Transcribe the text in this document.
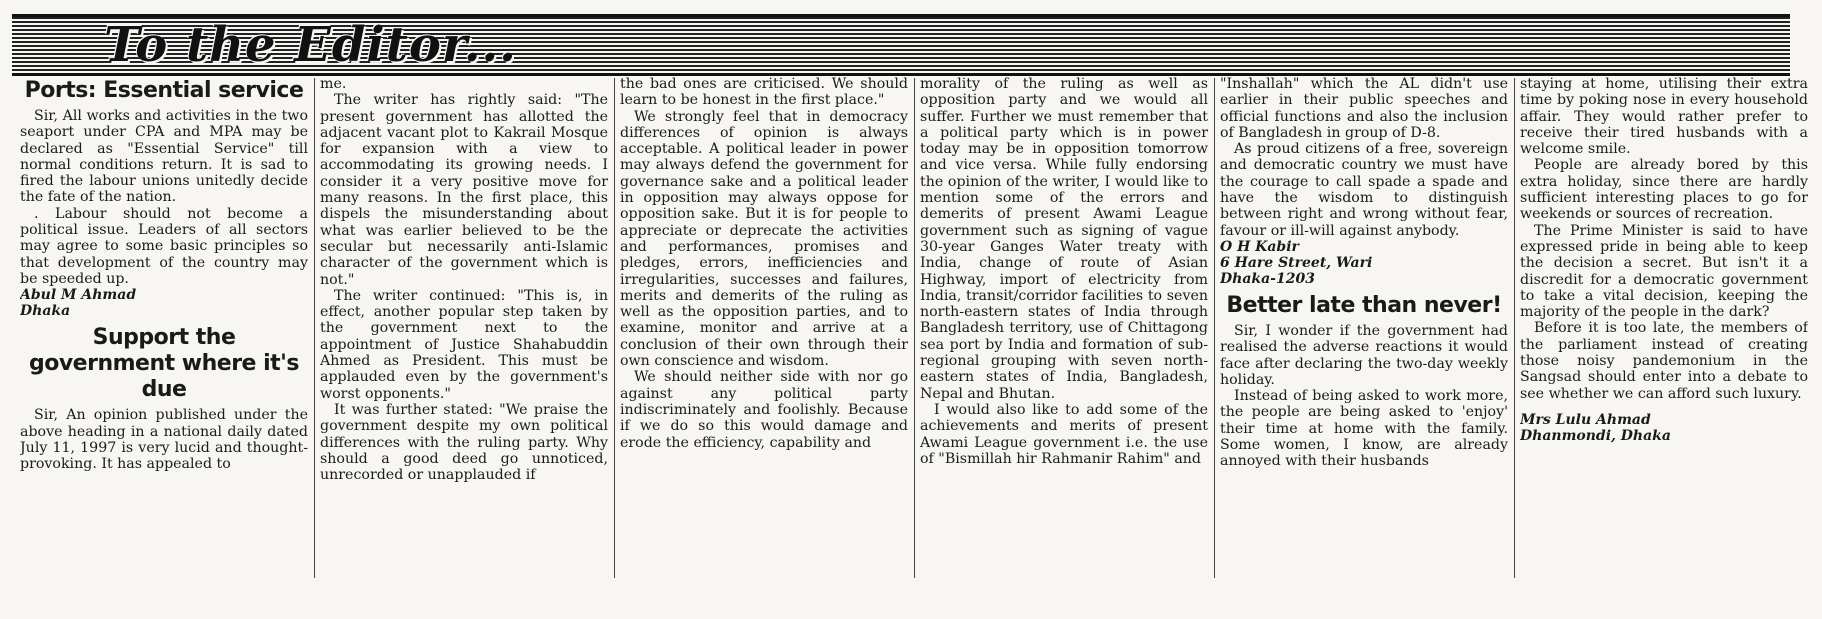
To the Editor...
Ports: Essential service

Sir, All works and activities in the two seaport under CPA and MPA may be declared as "Essential Service" till normal conditions return. It is sad to fired the labour unions unitedly decide the fate of the nation.

. Labour should not become a political issue. Leaders of all sectors may agree to some basic principles so that development of the country may be speeded up.

Abul M Ahmad
Dhaka
Support the government where it's due

Sir, An opinion published under the above heading in a national daily dated July 11, 1997 is very lucid and thought-provoking. It has appealed to

me.

The writer has rightly said: "The present government has allotted the adjacent vacant plot to Kakrail Mosque for expansion with a view to accommodating its growing needs. I consider it a very positive move for many reasons. In the first place, this dispels the misunderstanding about what was earlier believed to be the secular but necessarily anti-Islamic character of the government which is not."

The writer continued: "This is, in effect, another popular step taken by the government next to the appointment of Justice Shahabuddin Ahmed as President. This must be applauded even by the government's worst opponents."

It was further stated: "We praise the government despite my own political differences with the ruling party. Why should a good deed go unnoticed, unrecorded or unapplauded if

the bad ones are criticised. We should learn to be honest in the first place."

We strongly feel that in democracy differences of opinion is always acceptable. A political leader in power may always defend the government for governance sake and a political leader in opposition may always oppose for opposition sake. But it is for people to appreciate or deprecate the activities and performances, promises and pledges, errors, inefficiencies and irregularities, successes and failures, merits and demerits of the ruling as well as the opposition parties, and to examine, monitor and arrive at a conclusion of their own through their own conscience and wisdom.

We should neither side with nor go against any political party indiscriminately and foolishly. Because if we do so this would damage and erode the efficiency, capability and

morality of the ruling as well as opposition party and we would all suffer. Further we must remember that a political party which is in power today may be in opposition tomorrow and vice versa. While fully endorsing the opinion of the writer, I would like to mention some of the errors and demerits of present Awami League government such as signing of vague 30-year Ganges Water treaty with India, change of route of Asian Highway, import of electricity from India, transit/corridor facilities to seven north-eastern states of India through Bangladesh territory, use of Chittagong sea port by India and formation of sub-regional grouping with seven north-eastern states of India, Bangladesh, Nepal and Bhutan.

I would also like to add some of the achievements and merits of present Awami League government i.e. the use of "Bismillah hir Rahmanir Rahim" and

"Inshallah" which the AL didn't use earlier in their public speeches and official functions and also the inclusion of Bangladesh in group of D-8.

As proud citizens of a free, sovereign and democratic country we must have the courage to call spade a spade and have the wisdom to distinguish between right and wrong without fear, favour or ill-will against anybody.

O H Kabir
6 Hare Street, Wari
Dhaka-1203
Better late than never!

Sir, I wonder if the government had realised the adverse reactions it would face after declaring the two-day weekly holiday.

Instead of being asked to work more, the people are being asked to 'enjoy' their time at home with the family. Some women, I know, are already annoyed with their husbands

staying at home, utilising their extra time by poking nose in every household affair. They would rather prefer to receive their tired husbands with a welcome smile.

People are already bored by this extra holiday, since there are hardly sufficient interesting places to go for weekends or sources of recreation.

The Prime Minister is said to have expressed pride in being able to keep the decision a secret. But isn't it a discredit for a democratic government to take a vital decision, keeping the majority of the people in the dark?

Before it is too late, the members of the parliament instead of creating those noisy pandemonium in the Sangsad should enter into a debate to see whether we can afford such luxury.

Mrs Lulu Ahmad
Dhanmondi, Dhaka
